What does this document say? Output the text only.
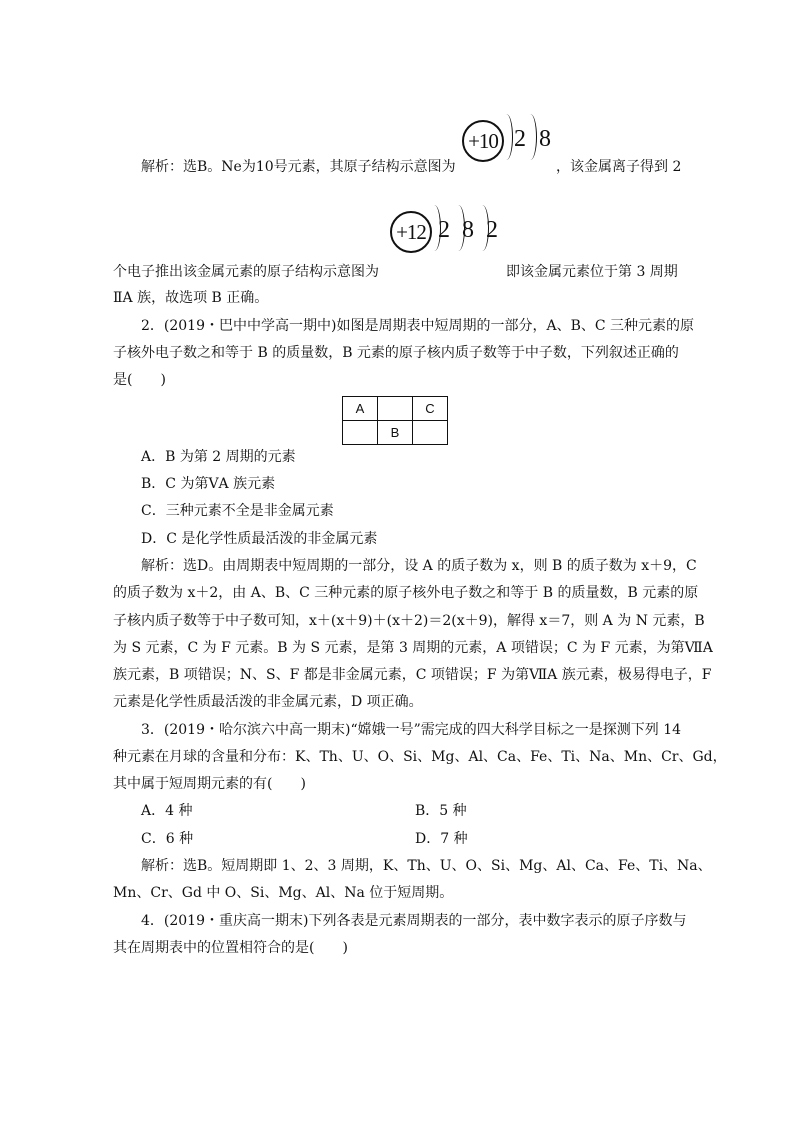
解析：选B。Ne为10号元素，其原子结构示意图为
+10 2 8
，该金属离子得到 2
+12 2 8 2
个电子推出该金属元素的原子结构示意图为	即该金属元素位于第 3 周期
ⅡA 族，故选项 B 正确。
2．(2019・巴中中学高一期中)如图是周期表中短周期的一部分，A、B、C 三种元素的原
子核外电子数之和等于 B 的质量数，B 元素的原子核内质子数等于中子数，下列叙述正确的
是(　　)
A		C
	B	
A．B 为第 2 周期的元素
B．C 为第ⅤA 族元素
C．三种元素不全是非金属元素
D．C 是化学性质最活泼的非金属元素
解析：选D。由周期表中短周期的一部分，设 A 的质子数为 x，则 B 的质子数为 x＋9，C
的质子数为 x＋2，由 A、B、C 三种元素的原子核外电子数之和等于 B 的质量数，B 元素的原
子核内质子数等于中子数可知，x＋(x＋9)＋(x＋2)＝2(x＋9)，解得 x＝7，则 A 为 N 元素，B
为 S 元素，C 为 F 元素。B 为 S 元素，是第 3 周期的元素，A 项错误；C 为 F 元素，为第ⅦA
族元素，B 项错误；N、S、F 都是非金属元素，C 项错误；F 为第ⅦA 族元素，极易得电子，F
元素是化学性质最活泼的非金属元素，D 项正确。
3．(2019・哈尔滨六中高一期末)“嫦娥一号”需完成的四大科学目标之一是探测下列 14
种元素在月球的含量和分布：K、Th、U、O、Si、Mg、Al、Ca、Fe、Ti、Na、Mn、Cr、Gd，
其中属于短周期元素的有(　　)
A．4 种	B．5 种
C．6 种	D．7 种
解析：选B。短周期即 1、2、3 周期，K、Th、U、O、Si、Mg、Al、Ca、Fe、Ti、Na、
Mn、Cr、Gd 中 O、Si、Mg、Al、Na 位于短周期。
4．(2019・重庆高一期末)下列各表是元素周期表的一部分，表中数字表示的原子序数与
其在周期表中的位置相符合的是(　　)
